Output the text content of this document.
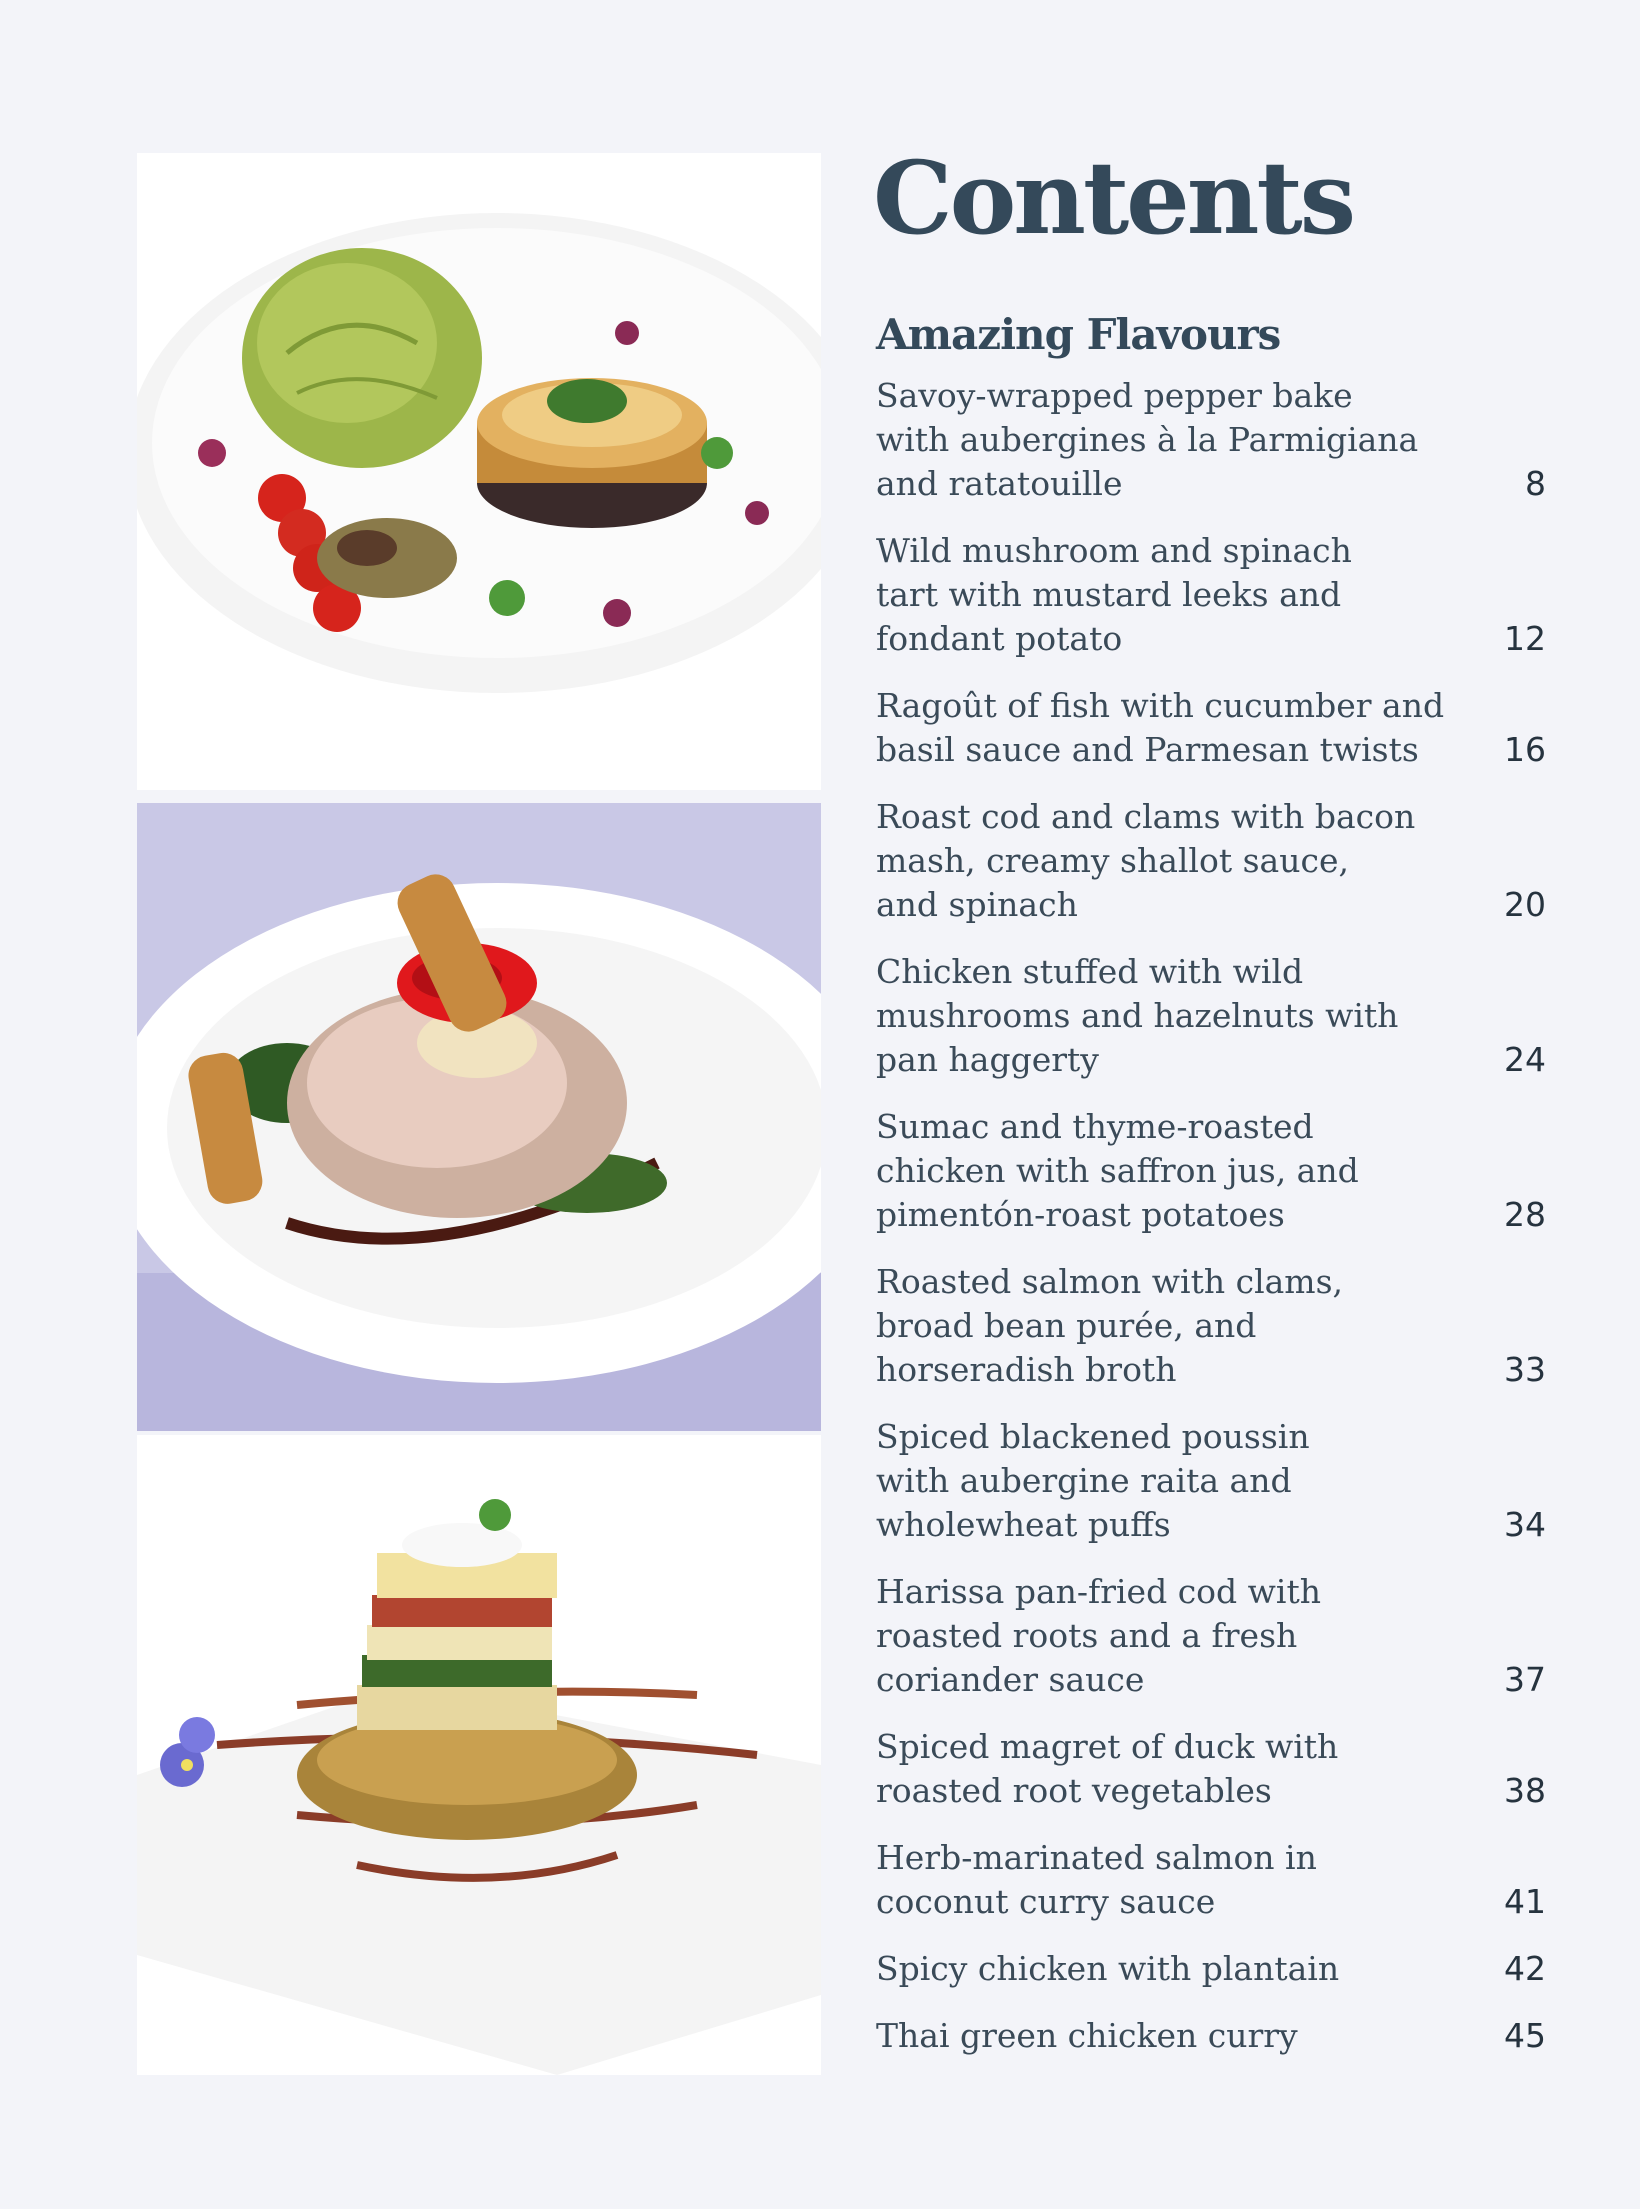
Contents
Amazing Flavours
Savoy-wrapped pepper bake
with aubergines à la Parmigiana
and ratatouille	8
Wild mushroom and spinach
tart with mustard leeks and
fondant potato	12
Ragoût of fish with cucumber and
basil sauce and Parmesan twists	16
Roast cod and clams with bacon
mash, creamy shallot sauce,
and spinach	20
Chicken stuffed with wild
mushrooms and hazelnuts with
pan haggerty	24
Sumac and thyme-roasted
chicken with saffron jus, and
pimentón-roast potatoes	28
Roasted salmon with clams,
broad bean purée, and
horseradish broth	33
Spiced blackened poussin
with aubergine raita and
wholewheat puffs	34
Harissa pan-fried cod with
roasted roots and a fresh
coriander sauce	37
Spiced magret of duck with
roasted root vegetables	38
Herb-marinated salmon in
coconut curry sauce	41
Spicy chicken with plantain	42
Thai green chicken curry	45
